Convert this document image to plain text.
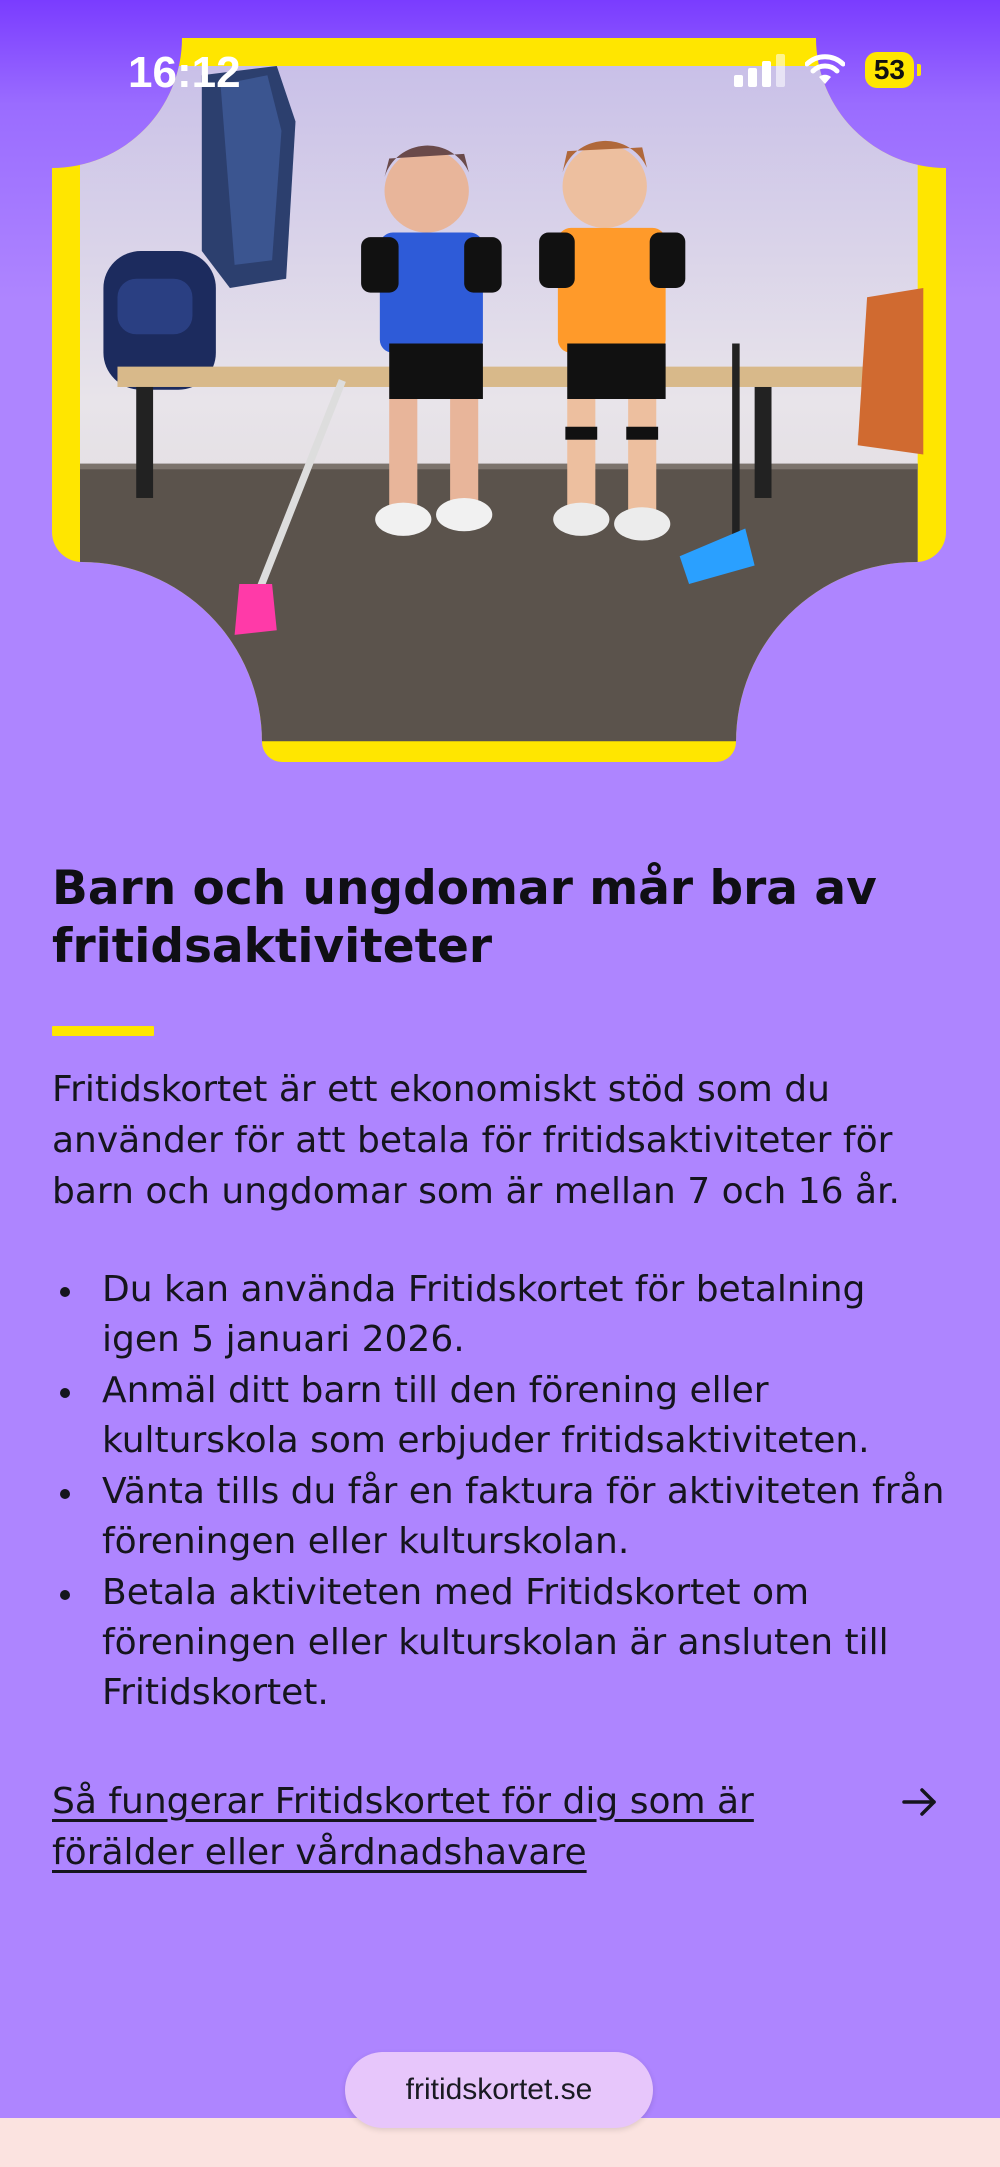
16:12	53
Barn och ungdomar mår bra av fritidsaktiviteter

Fritidskortet är ett ekonomiskt stöd som du använder för att betala för fritidsaktiviteter för barn och ungdomar som är mellan 7 och 16 år.

Du kan använda Fritidskortet för betalning igen 5 januari 2026.
Anmäl ditt barn till den förening eller kulturskola som erbjuder fritidsaktiviteten.
Vänta tills du får en faktura för aktiviteten från föreningen eller kulturskolan.
Betala aktiviteten med Fritidskortet om föreningen eller kulturskolan är ansluten till Fritidskortet.
Så fungerar Fritidskortet för dig som är förälder eller vårdnadshavare
fritidskortet.se
